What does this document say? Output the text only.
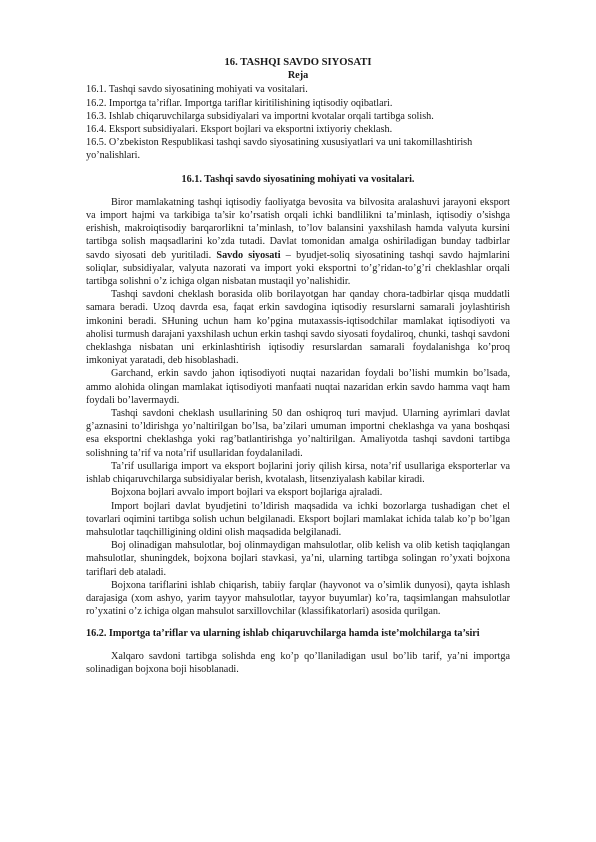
16. TASHQI SAVDO SIYOSATI
Reja
16.1. Tashqi savdo siyosatining mohiyati va vositalari.
16.2. Importga ta’riflar. Importga tariflar kiritilishining iqtisodiy oqibatlari.
16.3. Ishlab chiqaruvchilarga subsidiyalari va importni kvotalar orqali tartibga solish.
16.4. Eksport subsidiyalari. Eksport bojlari va eksportni ixtiyoriy cheklash.
16.5. O’zbekiston Respublikasi tashqi savdo siyosatining xususiyatlari va uni takomillashtirish yo’nalishlari.
16.1. Tashqi savdo siyosatining mohiyati va vositalari.

Biror mamlakatning tashqi iqtisodiy faoliyatga bevosita va bilvosita aralashuvi jarayoni eksport va import hajmi va tarkibiga ta’sir ko’rsatish orqali ichki bandlilikni ta’minlash, iqtisodiy o’sishga erishish, makroiqtisodiy barqarorlikni ta’minlash, to’lov balansini yaxshilash hamda valyuta kursini tartibga solish maqsadlarini ko’zda tutadi. Davlat tomonidan amalga oshiriladigan bunday tadbirlar savdo siyosati deb yuritiladi. Savdo siyosati – byudjet-soliq siyosatining tashqi savdo hajmlarini soliqlar, subsidiyalar, valyuta nazorati va import yoki eksportni to’g’ridan-to’g’ri cheklashlar orqali tartibga solishni o’z ichiga olgan nisbatan mustaqil yo’nalishidir.

Tashqi savdoni cheklash borasida olib borilayotgan har qanday chora-tadbirlar qisqa muddatli samara beradi. Uzoq davrda esa, faqat erkin savdogina iqtisodiy resurslarni samarali joylashtirish imkonini beradi. SHuning uchun ham ko’pgina mutaxassis-iqtisodchilar mamlakat iqtisodiyoti va aholisi turmush darajani yaxshilash uchun erkin tashqi savdo siyosati foydaliroq, chunki, tashqi savdoni cheklashga nisbatan uni erkinlashtirish iqtisodiy resurslardan samarali foydalanishga ko’proq imkoniyat yaratadi, deb hisoblashadi.

Garchand, erkin savdo jahon iqtisodiyoti nuqtai nazaridan foydali bo’lishi mumkin bo’lsada, ammo alohida olingan mamlakat iqtisodiyoti manfaati nuqtai nazaridan erkin savdo hamma vaqt ham foydali bo’lavermaydi.

Tashqi savdoni cheklash usullarining 50 dan oshiqroq turi mavjud. Ularning ayrimlari davlat g’aznasini to’ldirishga yo’naltirilgan bo’lsa, ba’zilari umuman importni cheklashga va yana boshqasi esa eksportni cheklashga yoki rag’batlantirishga yo’naltirilgan. Amaliyotda tashqi savdoni tartibga solishning ta’rif va nota’rif usullaridan foydalaniladi.

Ta’rif usullariga import va eksport bojlarini joriy qilish kirsa, nota’rif usullariga eksporterlar va ishlab chiqaruvchilarga subsidiyalar berish, kvotalash, litsenziyalash kabilar kiradi.

Bojxona bojlari avvalo import bojlari va eksport bojlariga ajraladi.

Import bojlari davlat byudjetini to’ldirish maqsadida va ichki bozorlarga tushadigan chet el tovarlari oqimini tartibga solish uchun belgilanadi. Eksport bojlari mamlakat ichida talab ko’p bo’lgan mahsulotlar taqchilligining oldini olish maqsadida belgilanadi.

Boj olinadigan mahsulotlar, boj olinmaydigan mahsulotlar, olib kelish va olib ketish taqiqlangan mahsulotlar, shuningdek, bojxona bojlari stavkasi, ya’ni, ularning tartibga solingan ro’yxati bojxona tariflari deb ataladi.

Bojxona tariflarini ishlab chiqarish, tabiiy farqlar (hayvonot va o’simlik dunyosi), qayta ishlash darajasiga (xom ashyo, yarim tayyor mahsulotlar, tayyor buyumlar) ko’ra, taqsimlangan mahsulotlar ro’yxatini o’z ichiga olgan mahsulot sarxillovchilar (klassifikatorlari) asosida qurilgan.

16.2. Importga ta’riflar va ularning ishlab chiqaruvchilarga hamda iste’molchilarga ta’siri

Xalqaro savdoni tartibga solishda eng ko’p qo’llaniladigan usul bo’lib tarif, ya’ni importga solinadigan bojxona boji hisoblanadi.
